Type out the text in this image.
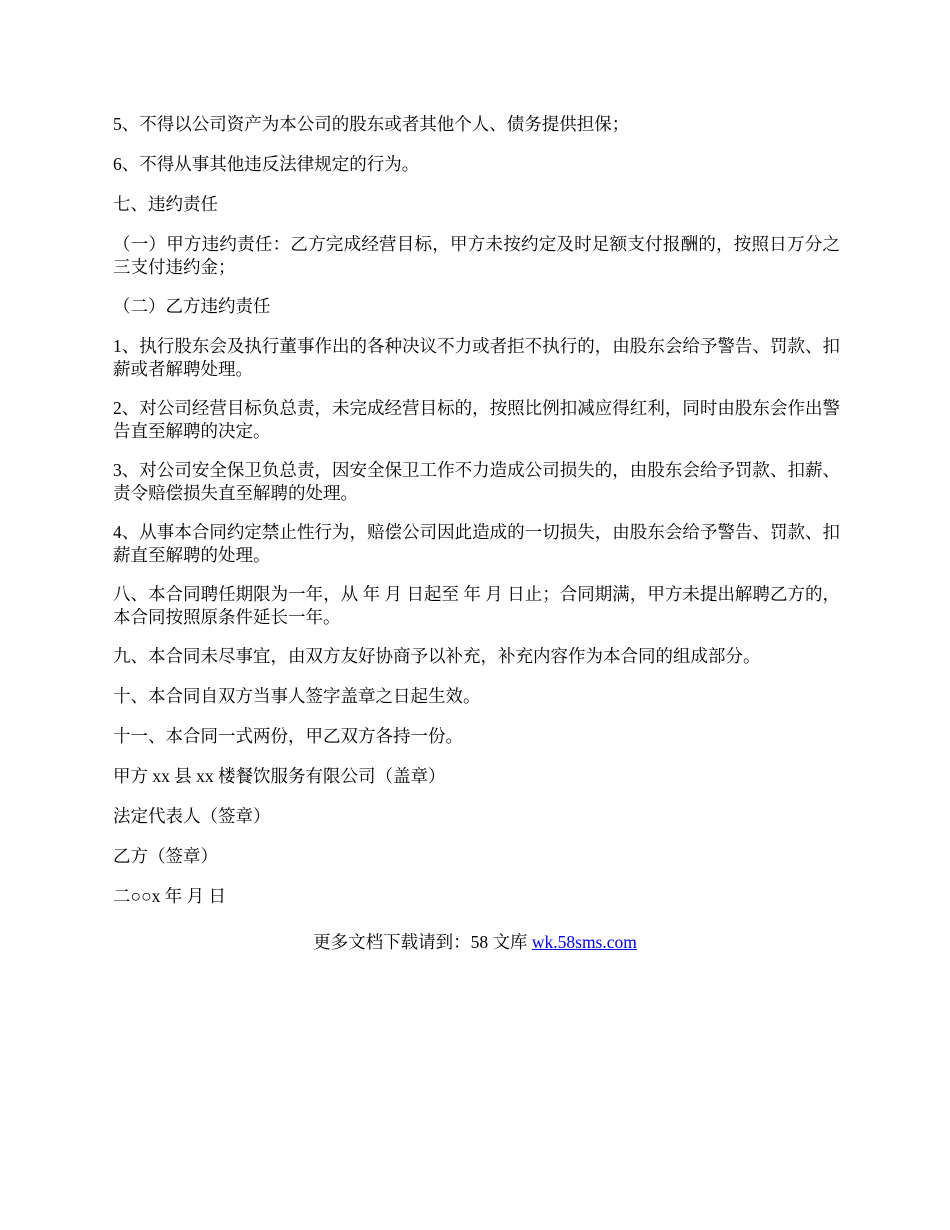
5、不得以公司资产为本公司的股东或者其他个人、债务提供担保；

6、不得从事其他违反法律规定的行为。

七、违约责任

（一）甲方违约责任：乙方完成经营目标，甲方未按约定及时足额支付报酬的，按照日万分之三支付违约金；

（二）乙方违约责任

1、执行股东会及执行董事作出的各种决议不力或者拒不执行的，由股东会给予警告、罚款、扣薪或者解聘处理。

2、对公司经营目标负总责，未完成经营目标的，按照比例扣减应得红利，同时由股东会作出警告直至解聘的决定。

3、对公司安全保卫负总责，因安全保卫工作不力造成公司损失的，由股东会给予罚款、扣薪、责令赔偿损失直至解聘的处理。

4、从事本合同约定禁止性行为，赔偿公司因此造成的一切损失，由股东会给予警告、罚款、扣薪直至解聘的处理。

八、本合同聘任期限为一年，从 年 月 日起至 年 月 日止；合同期满，甲方未提出解聘乙方的，本合同按照原条件延长一年。

九、本合同未尽事宜，由双方友好协商予以补充，补充内容作为本合同的组成部分。

十、本合同自双方当事人签字盖章之日起生效。

十一、本合同一式两份，甲乙双方各持一份。

甲方 xx 县 xx 楼餐饮服务有限公司（盖章）

法定代表人（签章）

乙方（签章）

二○○x 年 月 日

更多文档下载请到：58 文库 wk.58sms.com
